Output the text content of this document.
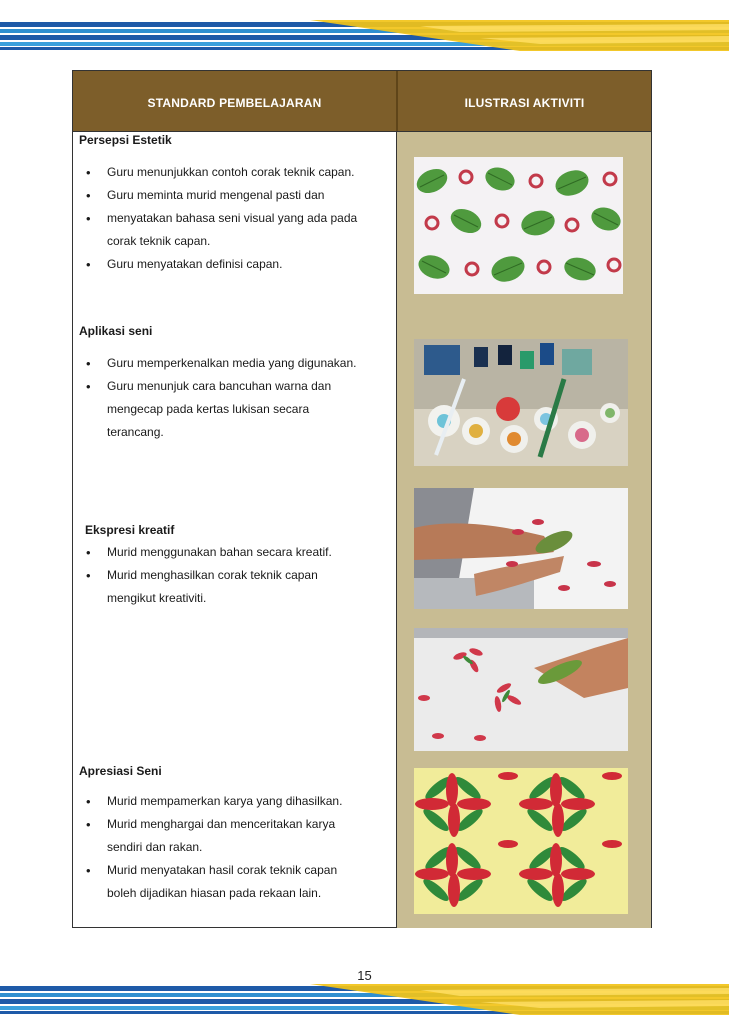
STANDARD PEMBELAJARAN	ILUSTRASI AKTIVITI
Persepsi Estetik
• Guru menunjukkan contoh corak teknik capan.
• Guru meminta murid mengenal pasti dan
• menyatakan bahasa seni visual yang ada pada
corak teknik capan.
• Guru menyatakan definisi capan.
Aplikasi seni
• Guru memperkenalkan media yang digunakan.
• Guru menunjuk cara bancuhan warna dan
mengecap pada kertas lukisan secara
terancang.
Ekspresi kreatif
• Murid menggunakan bahan secara kreatif.
• Murid menghasilkan corak teknik capan
mengikut kreativiti.
Apresiasi Seni
• Murid mempamerkan karya yang dihasilkan.
• Murid menghargai dan menceritakan karya
sendiri dan rakan.
• Murid menyatakan hasil corak teknik capan
boleh dijadikan hiasan pada rekaan lain.
15
